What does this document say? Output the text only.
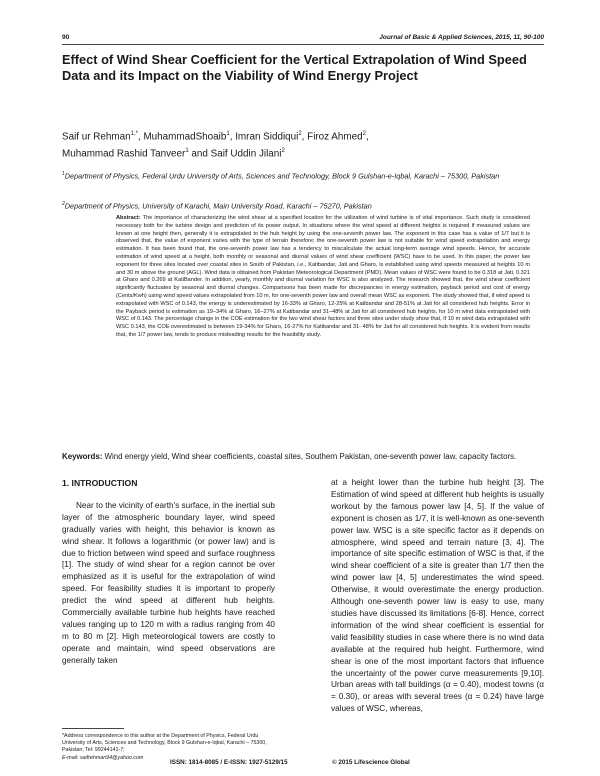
90	Journal of Basic & Applied Sciences, 2015, 11, 90-100
Effect of Wind Shear Coefficient for the Vertical Extrapolation of Wind Speed Data and its Impact on the Viability of Wind Energy Project
Saif ur Rehman$^{1,*}$, MuhammadShoaib$^1$, Imran Siddiqui$^2$, Firoz Ahmed$^2$,
Muhammad Rashid Tanveer$^1$ and Saif Uddin Jilani$^2$
$^1$Department of Physics, Federal Urdu University of Arts, Sciences and Technology, Block 9 Gulshan-e-Iqbal, Karachi – 75300, Pakistan
$^2$Department of Physics, University of Karachi, Main University Road, Karachi – 75270, Pakistan
Abstract: The importance of characterizing the wind shear at a specified location for the utilization of wind turbine is of vital importance. Such study is considered necessary both for the turbine design and prediction of its power output. In situations where the wind speed at different heights is required if measured values are known at one height then, generally it is extrapolated to the hub height by using the one-seventh power law. The exponent in this case has a value of 1/7 but it is observed that, the value of exponent varies with the type of terrain therefore; the one-seventh power law is not suitable for wind speed extrapolation and energy estimation. It has been found that, the one-seventh power law has a tendency to miscalculate the actual long-term average wind speeds. Hence, for accurate estimation of wind speed at a height, both monthly or seasonal and diurnal values of wind shear coefficient (WSC) have to be used. In this paper, the power law exponent for three sites located over coastal sites in South of Pakistan, i.e., Katibandar, Jati and Gharo, is established using wind speeds measured at heights 10 m and 30 m above the ground (AGL). Wind data is obtained from Pakistan Meteorological Department (PMD). Mean values of WSC were found to be 0.318 at Jati, 0.321 at Gharo and 0.269 at KatiBander. In addition, yearly, monthly and diurnal variation for WSC is also analyzed. The research showed that, the wind shear coefficient significantly fluctuates by seasonal and diurnal changes. Comparisons has been made for discrepancies in energy estimation, payback period and cost of energy (Cents/Kwh) using wind speed values extrapolated from 10 m, for one-seventh power law and overall mean WSC as exponent. The study showed that, if wind speed is extrapolated with WSC of 0.143, the energy is underestimated by 16-33% at Gharo, 12-25% at Katibandar and 28-51% at Jati for all considered hub heights. Error in the Payback period is estimation as 19–34% at Gharo, 16–27% at Katibandar and 31–48% at Jati for all considered hub heights, for 10 m wind data extrapolated with WSC of 0.143. The percentage change in the COE estimation for the two wind shear factors and three sites under study show that, if 10 m wind data extrapolated with WSC 0.143, the COE overestimated is between 19-34% for Gharo, 16-27% for Katibandar and 31- 48% for Jati for all considered hub heights. It is evident from results that, the 1/7 power law, tends to produce misleading results for the feasibility study.
Keywords: Wind energy yield, Wind shear coefficients, coastal sites, Southern Pakistan, one-seventh power law, capacity factors.
1. INTRODUCTION

Near to the vicinity of earth's surface, in the inertial sub layer of the atmospheric boundary layer, wind speed gradually varies with height, this behavior is known as wind shear. It follows a logarithmic (or power law) and is due to friction between wind speed and surface roughness [1]. The study of wind shear for a region cannot be over emphasized as it is useful for the extrapolation of wind speed. For feasibility studies it is important to properly predict the wind speed at different hub heights. Commercially available turbine hub heights have reached values ranging up to 120 m with a radius ranging from 40 m to 80 m [2]. High meteorological towers are costly to operate and maintain, wind speed observations are generally taken

at a height lower than the turbine hub height [3]. The Estimation of wind speed at different hub heights is usually workout by the famous power law [4, 5]. If the value of exponent is chosen as 1/7, it is well-known as one-seventh power law. WSC is a site specific factor as it depends on atmosphere, wind speed and terrain nature [3, 4]. The importance of site specific estimation of WSC is that, if the wind shear coefficient of a site is greater than 1/7 then the wind power law [4, 5] underestimates the wind speed. Otherwise, it would overestimate the energy production. Although one-seventh power law is easy to use, many studies have discussed its limitations [6-8]. Hence, correct information of the wind shear coefficient is essential for valid feasibility studies in case where there is no wind data available at the required hub height. Furthermore, wind shear is one of the most important factors that influence the uncertainty of the power curve measurements [9,10]. Urban areas with tall buildings (α = 0.40), modest towns (α = 0.30), or areas with several trees (α = 0.24) have large values of WSC, whereas,

*Address correspondence to this author at the Department of Physics, Federal Urdu University of Arts, Sciences and Technology, Block 9 Gulshan-e-Iqbal, Karachi – 75300, Pakistan; Tel: 99244141-7;
E-mail: saifrehman94@yahoo.com
ISSN: 1814-8085 / E-ISSN: 1927-5129/15	© 2015 Lifescience Global
